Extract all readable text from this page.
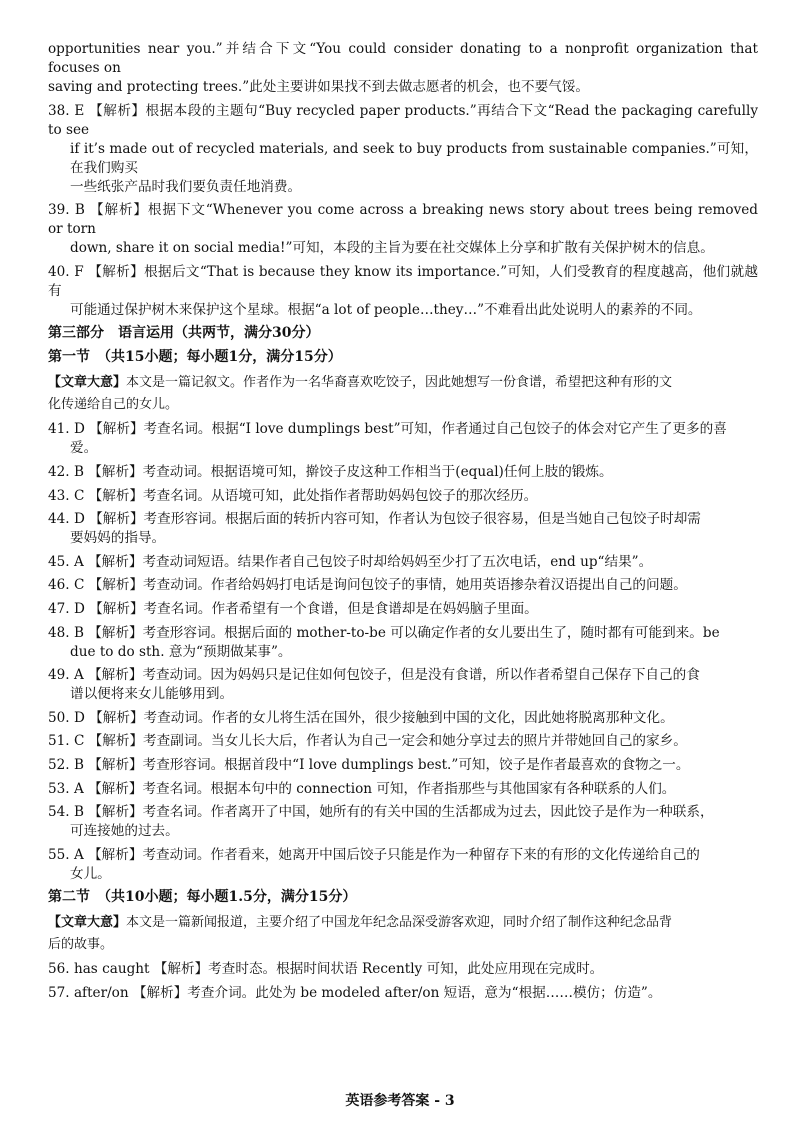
opportunities near you.”并结合下文“You could consider donating to a nonprofit organization that focuses on

saving and protecting trees.”此处主要讲如果找不到去做志愿者的机会，也不要气馁。

38. E 【解析】根据本段的主题句“Buy recycled paper products.”再结合下文“Read the packaging carefully to see

if it’s made out of recycled materials, and seek to buy products from sustainable companies.”可知，在我们购买

一些纸张产品时我们要负责任地消费。

39. B 【解析】根据下文“Whenever you come across a breaking news story about trees being removed or torn

down, share it on social media!”可知，本段的主旨为要在社交媒体上分享和扩散有关保护树木的信息。

40. F 【解析】根据后文“That is because they know its importance.”可知，人们受教育的程度越高，他们就越有

可能通过保护树木来保护这个星球。根据“a lot of people…they…”不难看出此处说明人的素养的不同。

第三部分　语言运用（共两节，满分30分）

第一节　（共15小题；每小题1分，满分15分）

【文章大意】本文是一篇记叙文。作者作为一名华裔喜欢吃饺子，因此她想写一份食谱，希望把这种有形的文
化传递给自己的女儿。

41. D 【解析】考查名词。根据“I love dumplings best”可知，作者通过自己包饺子的体会对它产生了更多的喜

爱。

42. B 【解析】考查动词。根据语境可知，擀饺子皮这种工作相当于(equal)任何上肢的锻炼。

43. C 【解析】考查名词。从语境可知，此处指作者帮助妈妈包饺子的那次经历。

44. D 【解析】考查形容词。根据后面的转折内容可知，作者认为包饺子很容易，但是当她自己包饺子时却需

要妈妈的指导。

45. A 【解析】考查动词短语。结果作者自己包饺子时却给妈妈至少打了五次电话，end up“结果”。

46. C 【解析】考查动词。作者给妈妈打电话是询问包饺子的事情，她用英语掺杂着汉语提出自己的问题。

47. D 【解析】考查名词。作者希望有一个食谱，但是食谱却是在妈妈脑子里面。

48. B 【解析】考查形容词。根据后面的 mother-to-be 可以确定作者的女儿要出生了，随时都有可能到来。be

due to do sth. 意为“预期做某事”。

49. A 【解析】考查动词。因为妈妈只是记住如何包饺子，但是没有食谱，所以作者希望自己保存下自己的食

谱以便将来女儿能够用到。

50. D 【解析】考查动词。作者的女儿将生活在国外，很少接触到中国的文化，因此她将脱离那种文化。

51. C 【解析】考查副词。当女儿长大后，作者认为自己一定会和她分享过去的照片并带她回自己的家乡。

52. B 【解析】考查形容词。根据首段中“I love dumplings best.”可知，饺子是作者最喜欢的食物之一。

53. A 【解析】考查名词。根据本句中的 connection 可知，作者指那些与其他国家有各种联系的人们。

54. B 【解析】考查名词。作者离开了中国，她所有的有关中国的生活都成为过去，因此饺子是作为一种联系，

可连接她的过去。

55. A 【解析】考查动词。作者看来，她离开中国后饺子只能是作为一种留存下来的有形的文化传递给自己的

女儿。

第二节　（共10小题；每小题1.5分，满分15分）

【文章大意】本文是一篇新闻报道，主要介绍了中国龙年纪念品深受游客欢迎，同时介绍了制作这种纪念品背
后的故事。

56. has caught 【解析】考查时态。根据时间状语 Recently 可知，此处应用现在完成时。

57. after/on 【解析】考查介词。此处为 be modeled after/on 短语，意为“根据……模仿；仿造”。

英语参考答案 - 3
